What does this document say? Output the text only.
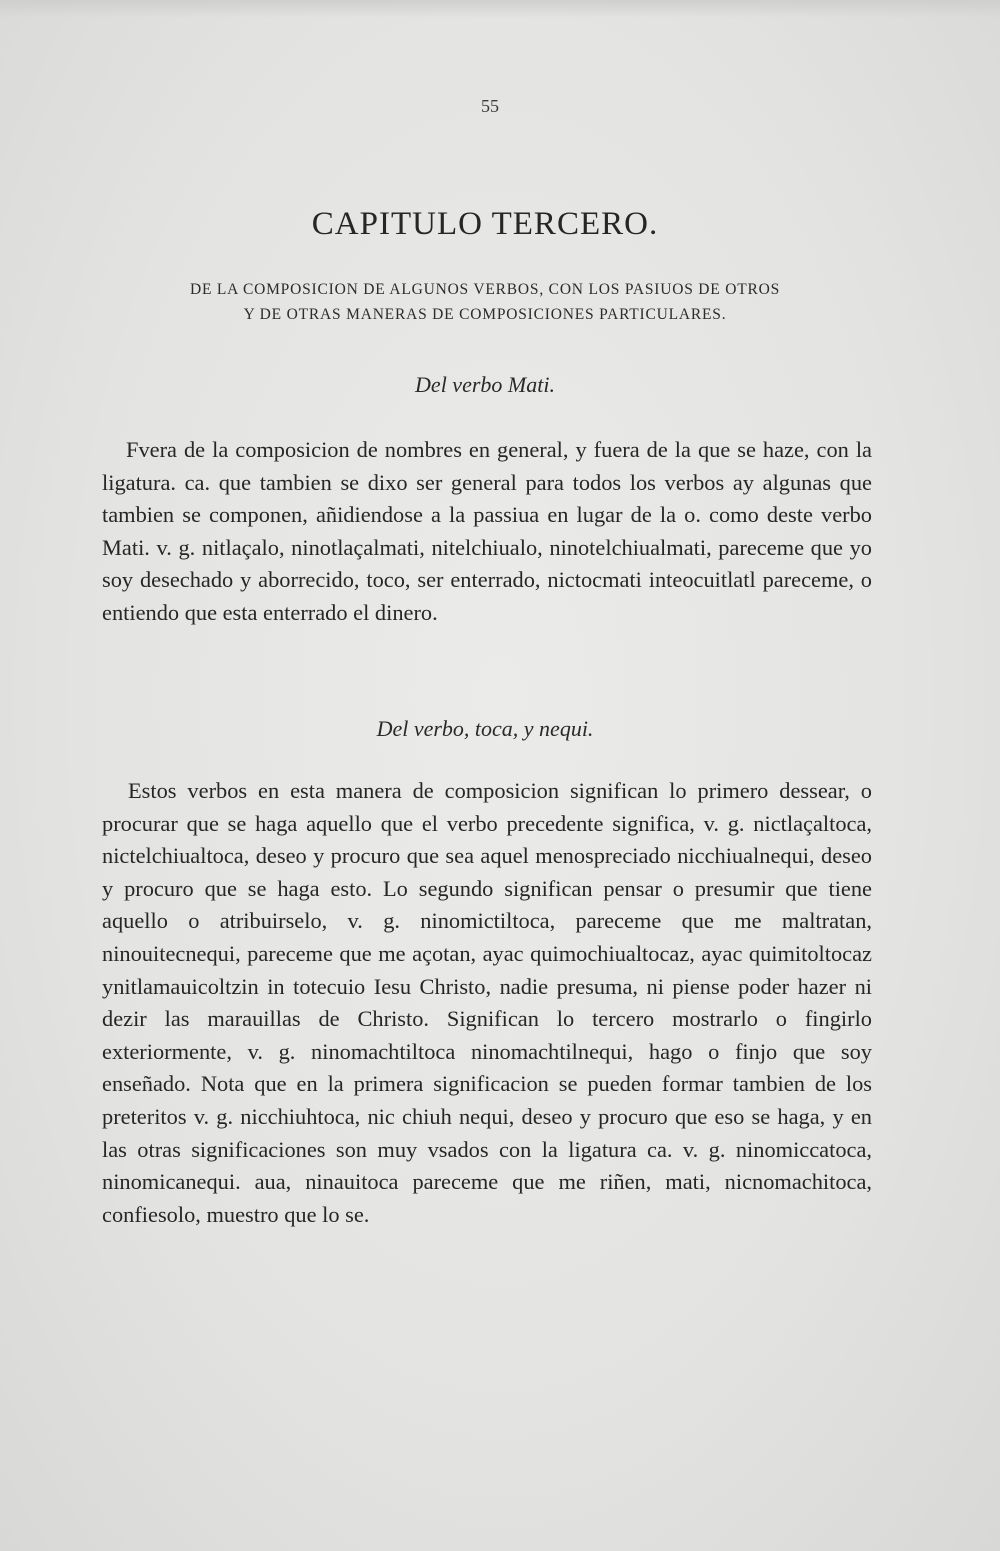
55
CAPITULO TERCERO.
DE LA COMPOSICION DE ALGUNOS VERBOS, CON LOS PASIUOS DE OTROS
Y DE OTRAS MANERAS DE COMPOSICIONES PARTICULARES.
Del verbo Mati.
Fvera de la composicion de nombres en general, y fuera de la que se haze, con la ligatura. ca. que tambien se dixo ser general para todos los verbos ay algunas que tambien se componen, añidiendose a la passiua en lugar de la o. como deste verbo Mati. v. g. nitlaçalo, ninotlaçalmati, nitelchiualo, ninotelchiualmati, pareceme que yo soy desechado y aborrecido, toco, ser enterrado, nictocmati inteocuitlatl pareceme, o entiendo que esta enterrado el dinero.
Del verbo, toca, y nequi.
Estos verbos en esta manera de composicion significan lo primero dessear, o procurar que se haga aquello que el verbo precedente significa, v. g. nictlaçaltoca, nictelchiualtoca, deseo y procuro que sea aquel menospreciado nicchiualnequi, deseo y procuro que se haga esto. Lo segundo significan pensar o presumir que tiene aquello o atribuirselo, v. g. ninomictiltoca, pareceme que me maltratan, ninouitecnequi, pareceme que me açotan, ayac quimochiualtocaz, ayac quimitoltocaz ynitlamauicoltzin in totecuio Iesu Christo, nadie presuma, ni piense poder hazer ni dezir las marauillas de Christo. Significan lo tercero mostrarlo o fingirlo exteriormente, v. g. ninomachtiltoca ninomachtilnequi, hago o finjo que soy enseñado. Nota que en la primera significacion se pueden formar tambien de los preteritos v. g. nicchiuhtoca, nic chiuh nequi, deseo y procuro que eso se haga, y en las otras significaciones son muy vsados con la ligatura ca. v. g. ninomiccatoca, ninomicanequi. aua, ninauitoca pareceme que me riñen, mati, nicnomachitoca, confiesolo, muestro que lo se.
